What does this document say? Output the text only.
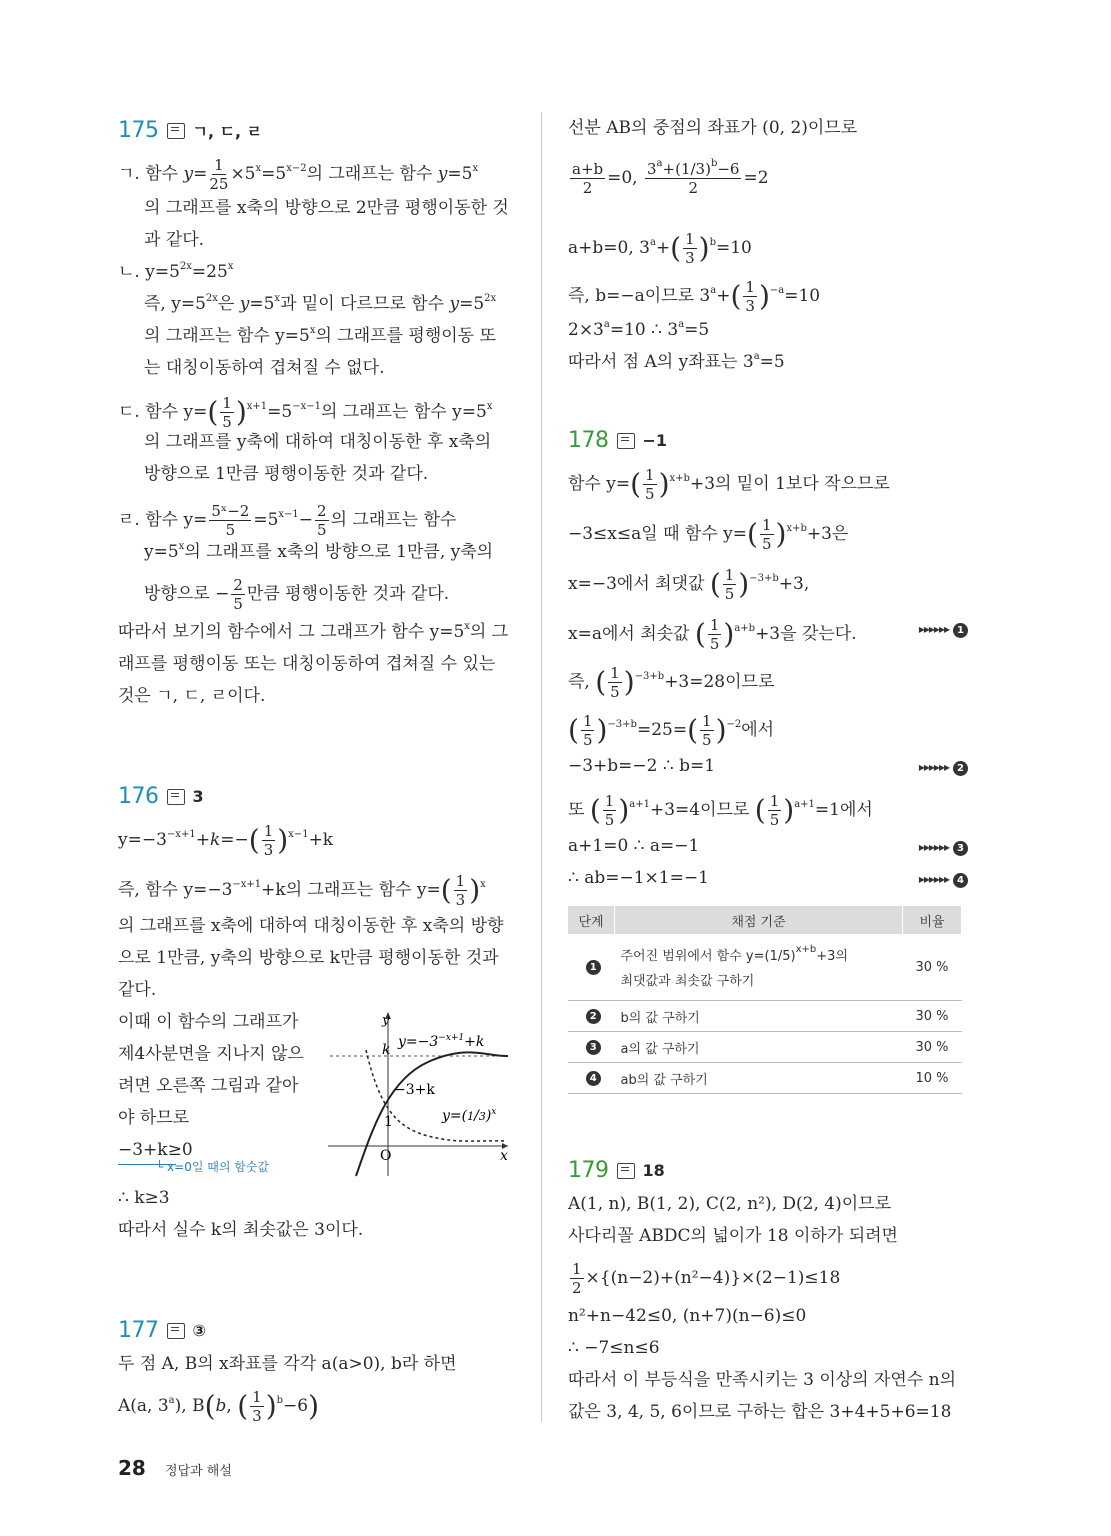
175 ㄱ, ㄷ, ㄹ
ㄱ. 함수 $y= \frac{1}{25} \times 5^x=5^{x-2}$의 그래프는 함수 $y=5^x$
의 그래프를 x축의 방향으로 2만큼 평행이동한 것
과 같다.
ㄴ. $y=5^{2x}=25^x$
즉, $y=5^{2x}$은 $y=5^x$과 밑이 다르므로 함수 $y=5^{2x}$
의 그래프는 함수 $y=5^x$의 그래프를 평행이동 또
는 대칭이동하여 겹쳐질 수 없다.
ㄷ. 함수 $y=( \frac{1}{5} )^{x+1}=5^{-x-1}$의 그래프는 함수 $y=5^x$
의 그래프를 y축에 대하여 대칭이동한 후 x축의
방향으로 1만큼 평행이동한 것과 같다.
ㄹ. 함수 $y= \frac{\text{5ˣ−2}}{5} =5^{x-1}- \frac{2}{5}$ 의 그래프는 함수
$y=5^x$의 그래프를 x축의 방향으로 1만큼, y축의
방향으로 − $\frac{2}{5}$ 만큼 평행이동한 것과 같다.
따라서 보기의 함수에서 그 그래프가 함수 $y=5^x$의 그
래프를 평행이동 또는 대칭이동하여 겹쳐질 수 있는
것은 ㄱ, ㄷ, ㄹ이다.
176 3
$y=-3^{-x+1}+k=-( \frac{1}{3} )^{x-1}+k$
즉, 함수 $y=-3^{-x+1}+k$의 그래프는 함수 $y=( \frac{1}{3} )^x$
의 그래프를 x축에 대하여 대칭이동한 후 x축의 방향
으로 1만큼, y축의 방향으로 k만큼 평행이동한 것과
같다.
이때 이 함수의 그래프가
제4사분면을 지나지 않으
려면 오른쪽 그림과 같아
야 하므로
−3+k≥0
└ x=0일 때의 함숫값
∴ k≥3
따라서 실수 k의 최솟값은 3이다.
177 ③
두 점 A, B의 x좌표를 각각 a(a>0), b라 하면
A(a, 3$^a$), B(b, ( $\frac{1}{3} )^b-6$)
y
x
O
k
1
$y=-3^{-x+1}+k$
−3+k
$y=(1/3)^x$
선분 AB의 중점의 좌표가 (0, 2)이므로
$\frac{a+b}{2} =0$, $\frac{3^a+(1/3)^b-6}{2} =2$
a+b=0, $3^a+( \frac{1}{3} )^b=10$
즉, b=−a이므로 $3^a+( \frac{1}{3} )^{-a}=10$
$2\times 3^a=10$ ∴ $3^a=5$
따라서 점 A의 y좌표는 $3^a=5$
178 −1
함수 $y=( \frac{1}{5} )^{x+b}+3$의 밑이 1보다 작으므로
−3≤x≤a일 때 함수 $y=( \frac{1}{5} )^{x+b}+3$은
x=−3에서 최댓값 ( $\frac{1}{5} )^{-3+b}+3$,
x=a에서 최솟값 ( $\frac{1}{5} )^{a+b}+3$을 갖는다.	▸▸▸▸▸▸ 1
즉, ( $\frac{1}{5} )^{-3+b}+3=28$이므로
( $\frac{1}{5} )^{-3+b}=25=( \frac{1}{5} )^{-2}$에서
−3+b=−2 ∴ b=1	▸▸▸▸▸▸ 2
또 ( $\frac{1}{5} )^{a+1}+3=4$이므로 ( $\frac{1}{5} )^{a+1}=1$에서
a+1=0 ∴ a=−1	▸▸▸▸▸▸ 3
∴ ab=−1×1=−1	▸▸▸▸▸▸ 4
179 18
A(1, n), B(1, 2), C(2, n²), D(2, 4)이므로
사다리꼴 ABDC의 넓이가 18 이하가 되려면
$\frac{1}{2} \times\{(n-2)+(n^2-4)\}\times(2-1)\le 18$
n²+n−42≤0, (n+7)(n−6)≤0
∴ −7≤n≤6
따라서 이 부등식을 만족시키는 3 이상의 자연수 n의
값은 3, 4, 5, 6이므로 구하는 합은 3+4+5+6=18
단계	채점 기준	비율
1	주어진 범위에서 함수 $y=(1/5)^{x+b}+3$의
최댓값과 최솟값 구하기	30 %
2	b의 값 구하기	30 %
3	a의 값 구하기	30 %
4	ab의 값 구하기	10 %
28 정답과 해설
